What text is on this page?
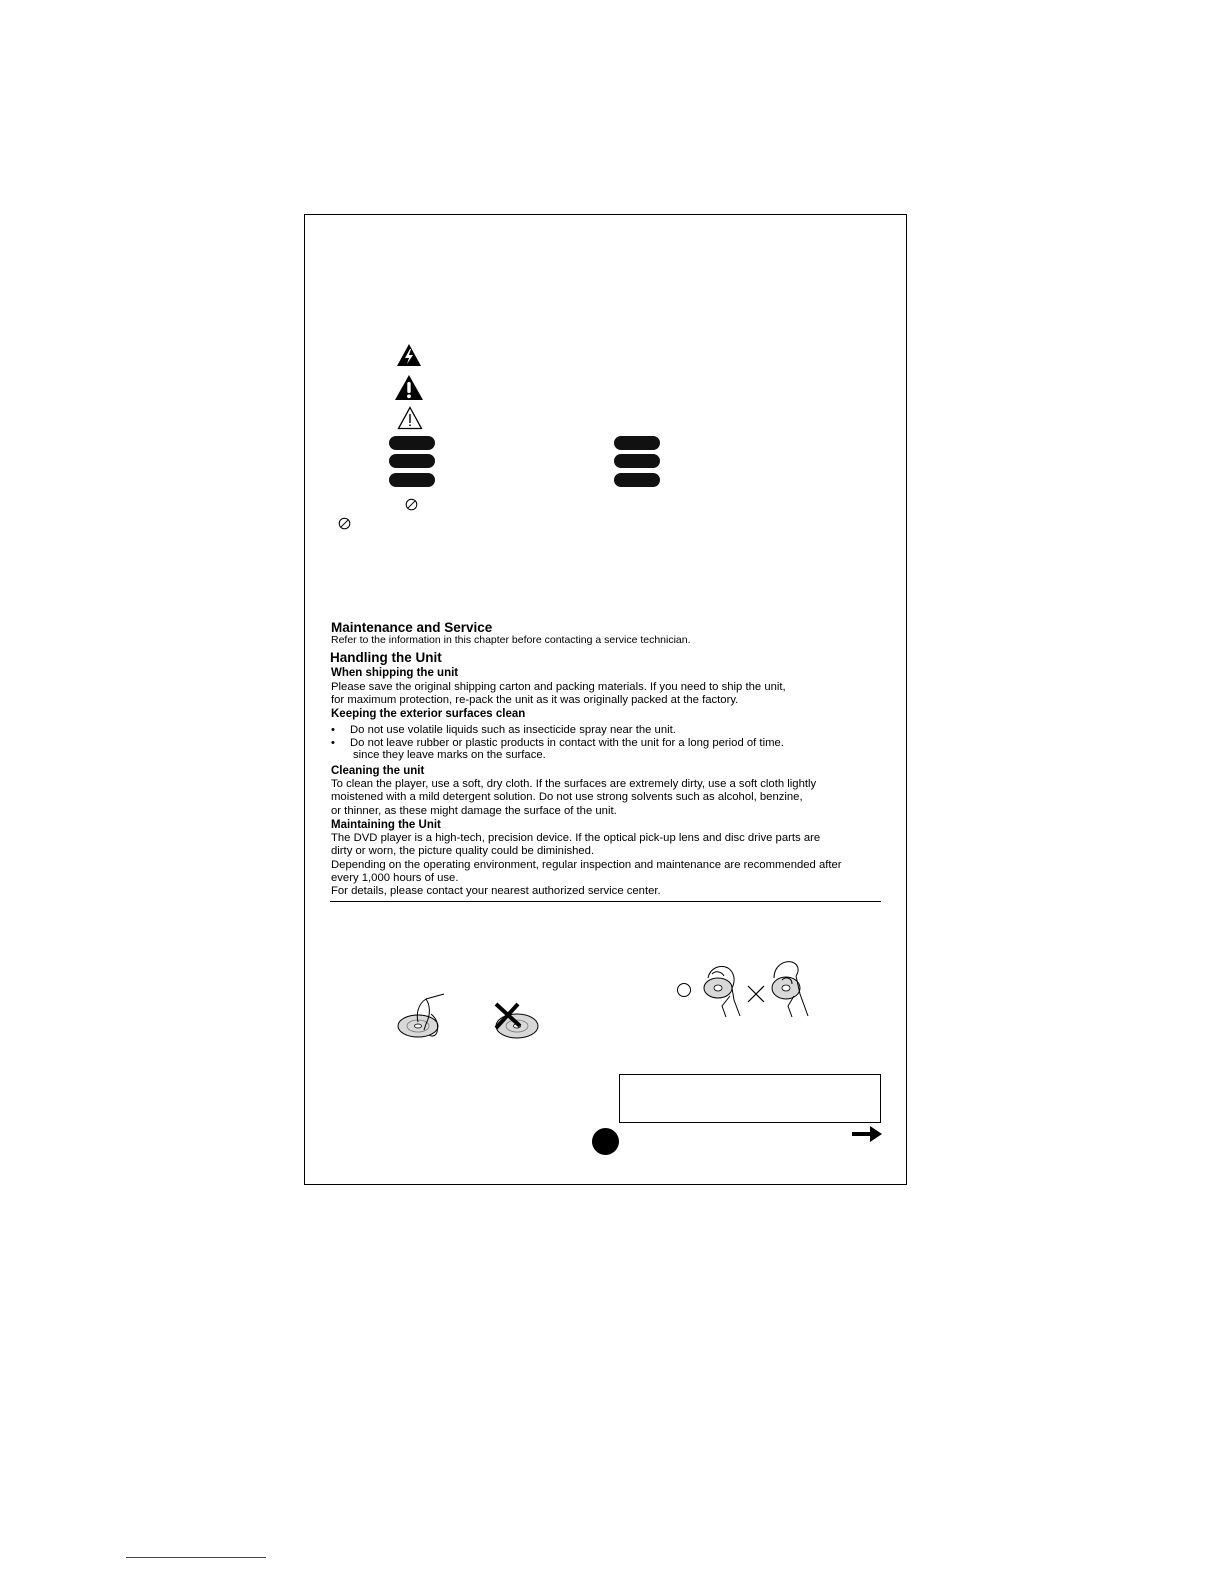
Maintenance and Service
Refer to the information in this chapter before contacting a service technician.
Handling the Unit
When shipping the unit
Please save the original shipping carton and packing materials. If you need to ship the unit,
for maximum protection, re-pack the unit as it was originally packed at the factory.
Keeping the exterior surfaces clean
• Do not use volatile liquids such as insecticide spray near the unit.
• Do not leave rubber or plastic products in contact with the unit for a long period of time.
since they leave marks on the surface.
Cleaning the unit
To clean the player, use a soft, dry cloth. If the surfaces are extremely dirty, use a soft cloth lightly
moistened with a mild detergent solution. Do not use strong solvents such as alcohol, benzine,
or thinner, as these might damage the surface of the unit.
Maintaining the Unit
The DVD player is a high-tech, precision device. If the optical pick-up lens and disc drive parts are
dirty or worn, the picture quality could be diminished.
Depending on the operating environment, regular inspection and maintenance are recommended after
every 1,000 hours of use.
For details, please contact your nearest authorized service center.
